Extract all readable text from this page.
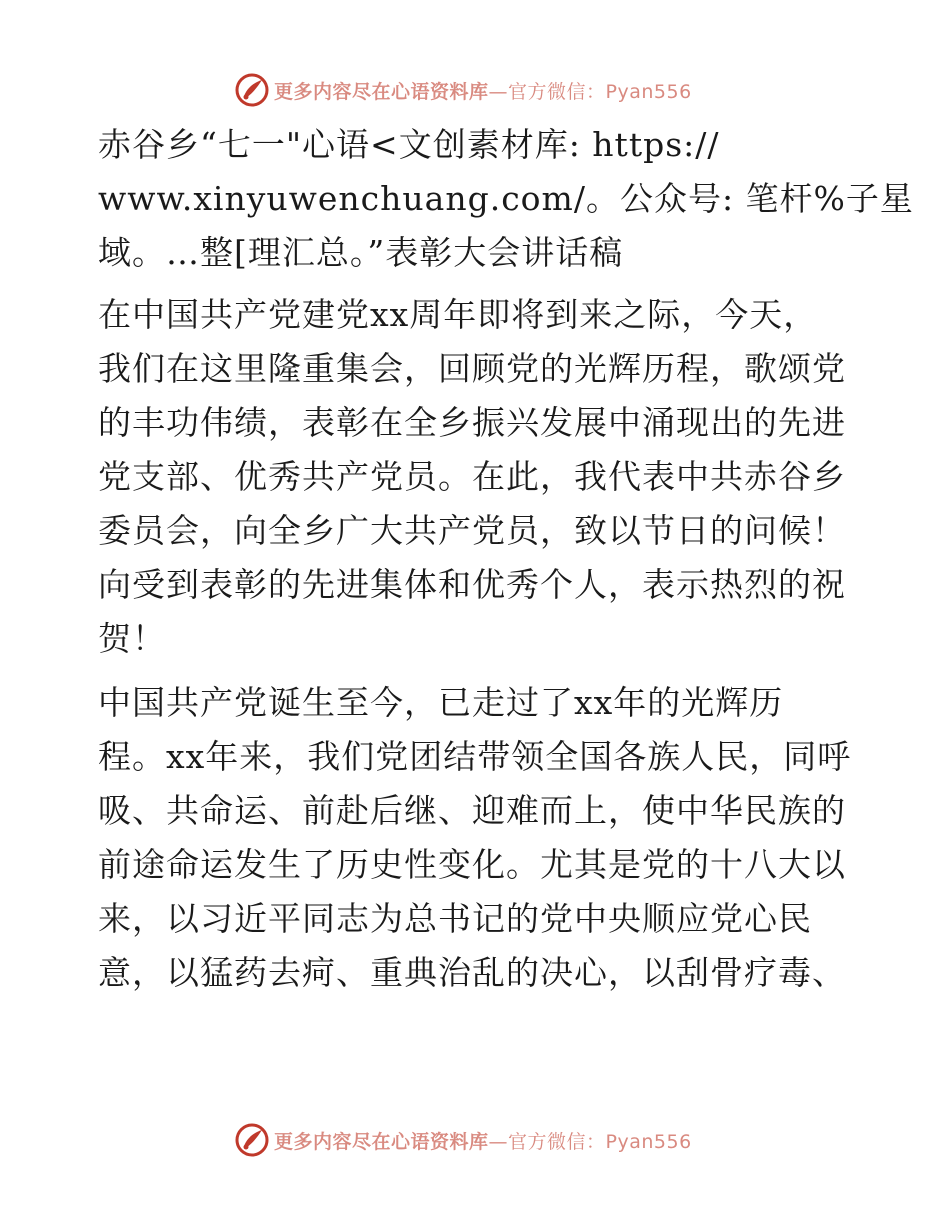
更多内容尽在心语资料库—官方微信：Pyan556

赤谷乡“七一"心语<文创素材库: https://
www.xinyuwenchuang.com/。公众号: 笔杆%子星
域。…整[理汇总。”表彰大会讲话稿

在中国共产党建党xx周年即将到来之际，今天，
我们在这里隆重集会，回顾党的光辉历程，歌颂党
的丰功伟绩，表彰在全乡振兴发展中涌现出的先进
党支部、优秀共产党员。在此，我代表中共赤谷乡
委员会，向全乡广大共产党员，致以节日的问候！
向受到表彰的先进集体和优秀个人，表示热烈的祝
贺！

中国共产党诞生至今，已走过了xx年的光辉历
程。xx年来，我们党团结带领全国各族人民，同呼
吸、共命运、前赴后继、迎难而上，使中华民族的
前途命运发生了历史性变化。尤其是党的十八大以
来，以习近平同志为总书记的党中央顺应党心民
意，以猛药去疴、重典治乱的决心，以刮骨疗毒、

更多内容尽在心语资料库—官方微信：Pyan556
